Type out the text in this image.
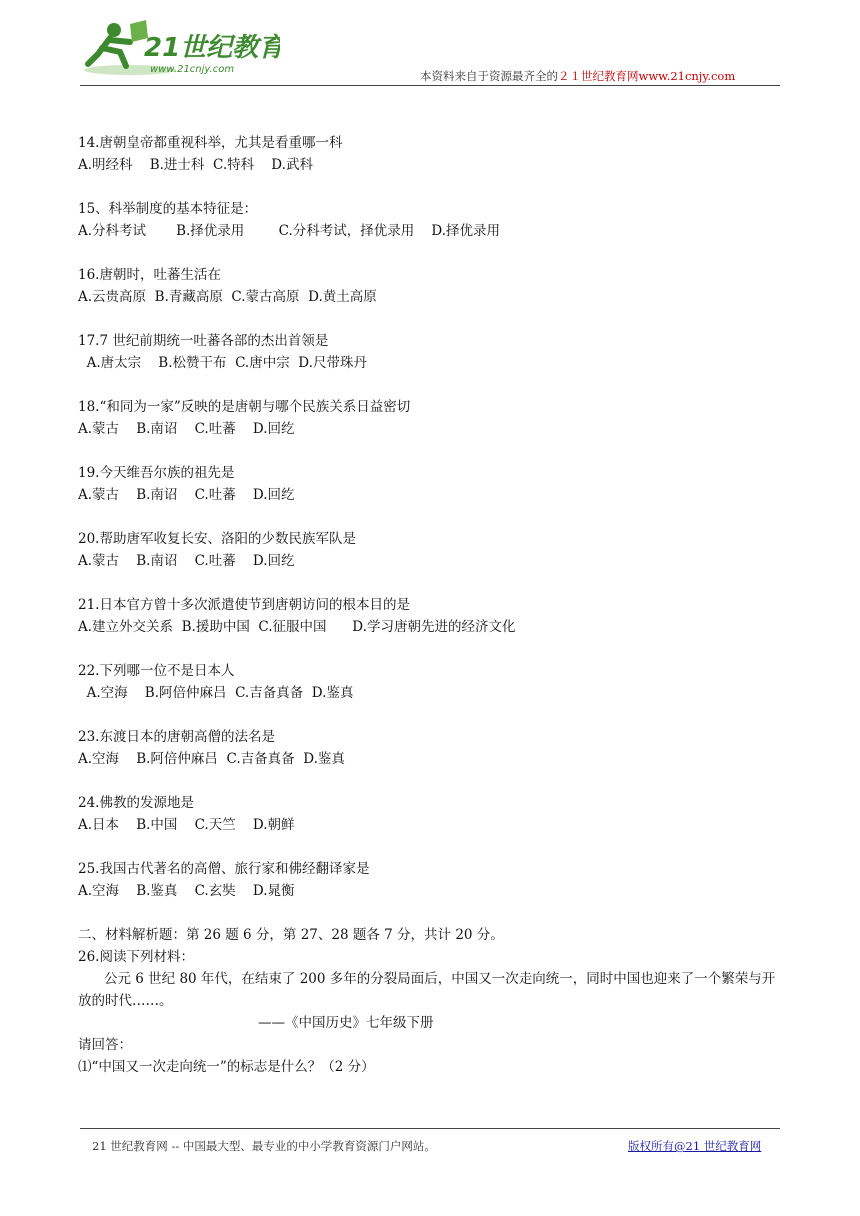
21世纪教育
www.21cnjy.com	本资料来自于资源最齐全的２１世纪教育网www.21cnjy.com
14.唐朝皇帝都重视科举，尤其是看重哪一科
A.明经科    B.进士科  C.特科    D.武科
15、科举制度的基本特征是：
A.分科考试       B.择优录用        C.分科考试，择优录用    D.择优录用
16.唐朝时，吐蕃生活在
A.云贵高原  B.青藏高原  C.蒙古高原  D.黄土高原
17.7 世纪前期统一吐蕃各部的杰出首领是
A.唐太宗    B.松赞干布  C.唐中宗  D.尺带珠丹
18.“和同为一家”反映的是唐朝与哪个民族关系日益密切
A.蒙古    B.南诏    C.吐蕃    D.回纥
19.今天维吾尔族的祖先是
A.蒙古    B.南诏    C.吐蕃    D.回纥
20.帮助唐军收复长安、洛阳的少数民族军队是
A.蒙古    B.南诏    C.吐蕃    D.回纥
21.日本官方曾十多次派遣使节到唐朝访问的根本目的是
A.建立外交关系  B.援助中国  C.征服中国      D.学习唐朝先进的经济文化
22.下列哪一位不是日本人
A.空海    B.阿倍仲麻吕  C.吉备真备  D.鉴真
23.东渡日本的唐朝高僧的法名是
A.空海    B.阿倍仲麻吕  C.吉备真备  D.鉴真
24.佛教的发源地是
A.日本    B.中国    C.天竺    D.朝鲜
25.我国古代著名的高僧、旅行家和佛经翻译家是
A.空海    B.鉴真    C.玄奘    D.晁衡
二、材料解析题：第 26 题 6 分，第 27、28 题各 7 分，共计 20 分。
26.阅读下列材料：
公元 6 世纪 80 年代，在结束了 200 多年的分裂局面后，中国又一次走向统一，同时中国也迎来了一个繁荣与开放的时代……。
——《中国历史》七年级下册
请回答：
⑴“中国又一次走向统一”的标志是什么？（2 分）
21 世纪教育网 -- 中国最大型、最专业的中小学教育资源门户网站。	版权所有@21 世纪教育网
